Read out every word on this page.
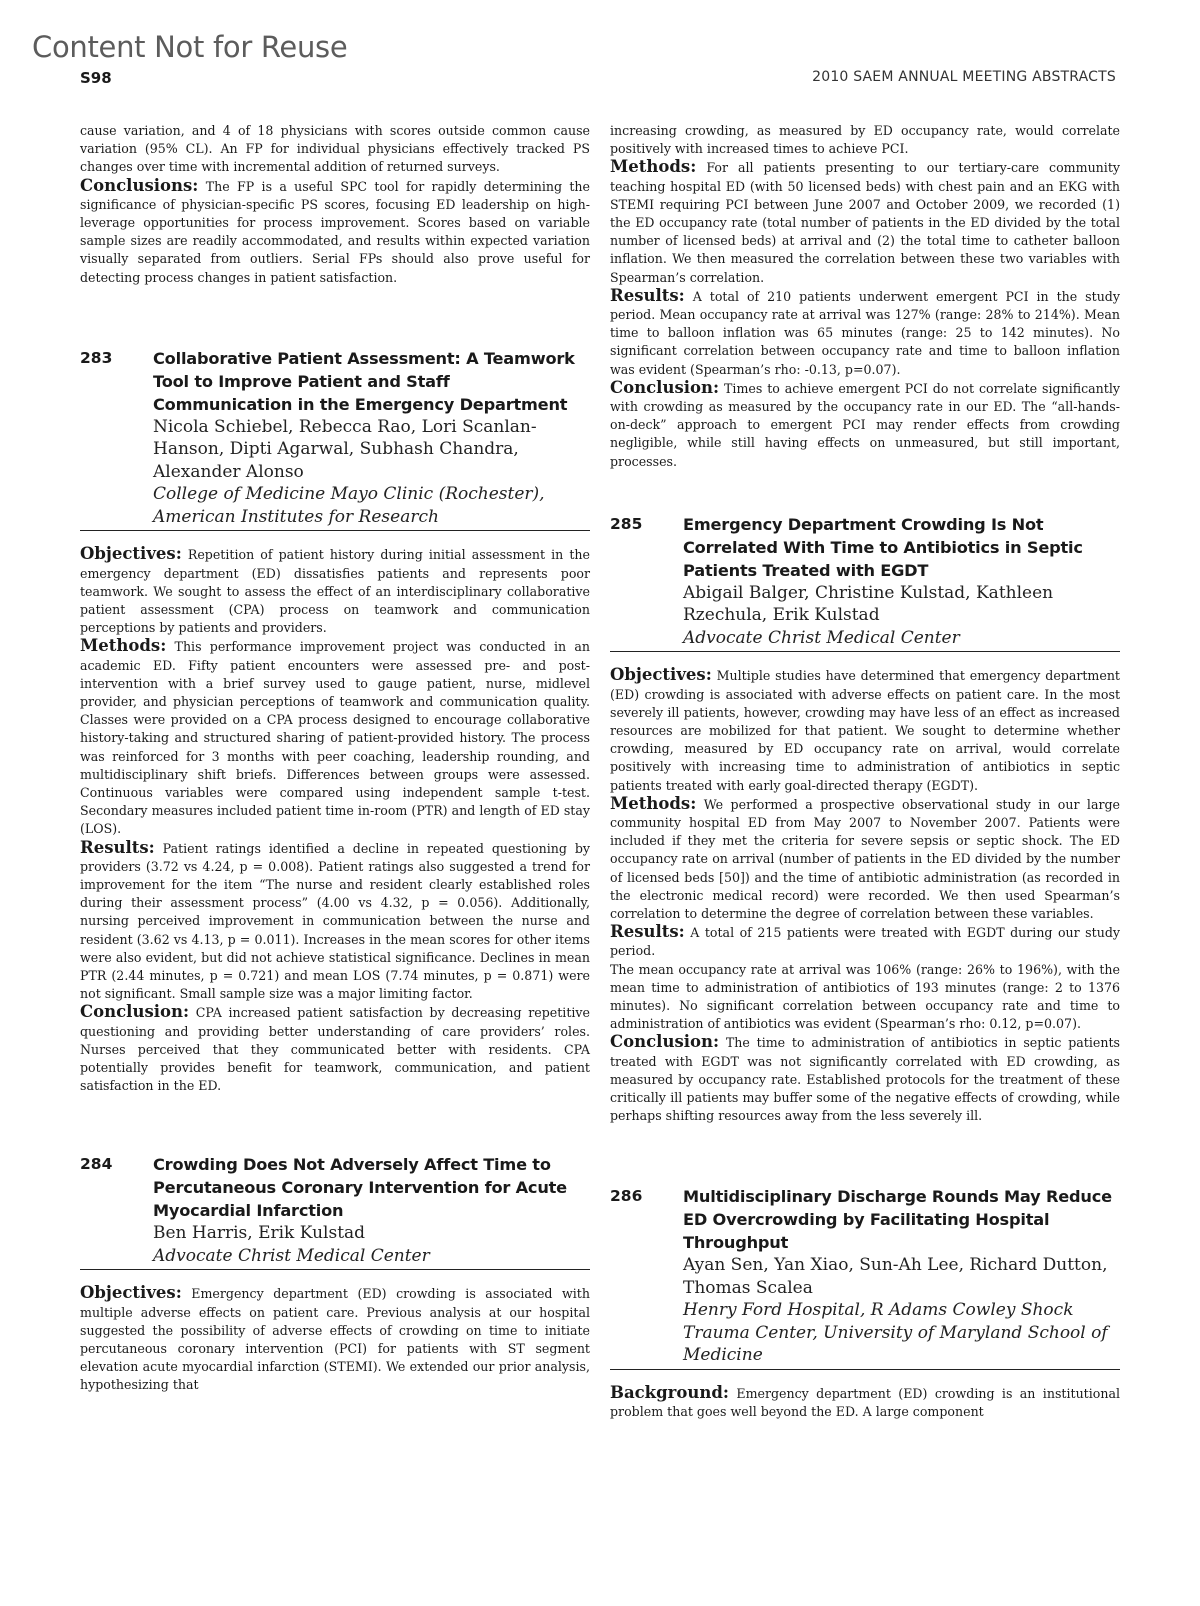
Content Not for Reuse
S98	2010 SAEM ANNUAL MEETING ABSTRACTS

cause variation, and 4 of 18 physicians with scores outside common cause variation (95% CL). An FP for individual physicians effectively tracked PS changes over time with incremental addition of returned surveys.

Conclusions: The FP is a useful SPC tool for rapidly determining the significance of physician-specific PS scores, focusing ED leadership on high-leverage opportunities for process improvement. Scores based on variable sample sizes are readily accommodated, and results within expected variation visually separated from outliers. Serial FPs should also prove useful for detecting process changes in patient satisfaction.

283	Collaborative Patient Assessment: A Teamwork Tool to Improve Patient and Staff Communication in the Emergency Department
Nicola Schiebel, Rebecca Rao, Lori Scanlan-Hanson, Dipti Agarwal, Subhash Chandra, Alexander Alonso
College of Medicine Mayo Clinic (Rochester), American Institutes for Research

Objectives: Repetition of patient history during initial assessment in the emergency department (ED) dissatisfies patients and represents poor teamwork. We sought to assess the effect of an interdisciplinary collaborative patient assessment (CPA) process on teamwork and communication perceptions by patients and providers.

Methods: This performance improvement project was conducted in an academic ED. Fifty patient encounters were assessed pre- and post-intervention with a brief survey used to gauge patient, nurse, midlevel provider, and physician perceptions of teamwork and communication quality. Classes were provided on a CPA process designed to encourage collaborative history-taking and structured sharing of patient-provided history. The process was reinforced for 3 months with peer coaching, leadership rounding, and multidisciplinary shift briefs. Differences between groups were assessed. Continuous variables were compared using independent sample t-test. Secondary measures included patient time in-room (PTR) and length of ED stay (LOS).

Results: Patient ratings identified a decline in repeated questioning by providers (3.72 vs 4.24, p = 0.008). Patient ratings also suggested a trend for improvement for the item “The nurse and resident clearly established roles during their assessment process” (4.00 vs 4.32, p = 0.056). Additionally, nursing perceived improvement in communication between the nurse and resident (3.62 vs 4.13, p = 0.011). Increases in the mean scores for other items were also evident, but did not achieve statistical significance. Declines in mean PTR (2.44 minutes, p = 0.721) and mean LOS (7.74 minutes, p = 0.871) were not significant. Small sample size was a major limiting factor.

Conclusion: CPA increased patient satisfaction by decreasing repetitive questioning and providing better understanding of care providers’ roles. Nurses perceived that they communicated better with residents. CPA potentially provides benefit for teamwork, communication, and patient satisfaction in the ED.

284	Crowding Does Not Adversely Affect Time to Percutaneous Coronary Intervention for Acute Myocardial Infarction
Ben Harris, Erik Kulstad
Advocate Christ Medical Center

Objectives: Emergency department (ED) crowding is associated with multiple adverse effects on patient care. Previous analysis at our hospital suggested the possibility of adverse effects of crowding on time to initiate percutaneous coronary intervention (PCI) for patients with ST segment elevation acute myocardial infarction (STEMI). We extended our prior analysis, hypothesizing that

increasing crowding, as measured by ED occupancy rate, would correlate positively with increased times to achieve PCI.

Methods: For all patients presenting to our tertiary-care community teaching hospital ED (with 50 licensed beds) with chest pain and an EKG with STEMI requiring PCI between June 2007 and October 2009, we recorded (1) the ED occupancy rate (total number of patients in the ED divided by the total number of licensed beds) at arrival and (2) the total time to catheter balloon inflation. We then measured the correlation between these two variables with Spearman’s correlation.

Results: A total of 210 patients underwent emergent PCI in the study period. Mean occupancy rate at arrival was 127% (range: 28% to 214%). Mean time to balloon inflation was 65 minutes (range: 25 to 142 minutes). No significant correlation between occupancy rate and time to balloon inflation was evident (Spearman’s rho: -0.13, p=0.07).

Conclusion: Times to achieve emergent PCI do not correlate significantly with crowding as measured by the occupancy rate in our ED. The “all-hands-on-deck” approach to emergent PCI may render effects from crowding negligible, while still having effects on unmeasured, but still important, processes.

285	Emergency Department Crowding Is Not Correlated With Time to Antibiotics in Septic Patients Treated with EGDT
Abigail Balger, Christine Kulstad, Kathleen Rzechula, Erik Kulstad
Advocate Christ Medical Center

Objectives: Multiple studies have determined that emergency department (ED) crowding is associated with adverse effects on patient care. In the most severely ill patients, however, crowding may have less of an effect as increased resources are mobilized for that patient. We sought to determine whether crowding, measured by ED occupancy rate on arrival, would correlate positively with increasing time to administration of antibiotics in septic patients treated with early goal-directed therapy (EGDT).

Methods: We performed a prospective observational study in our large community hospital ED from May 2007 to November 2007. Patients were included if they met the criteria for severe sepsis or septic shock. The ED occupancy rate on arrival (number of patients in the ED divided by the number of licensed beds [50]) and the time of antibiotic administration (as recorded in the electronic medical record) were recorded. We then used Spearman’s correlation to determine the degree of correlation between these variables.

Results: A total of 215 patients were treated with EGDT during our study period.

The mean occupancy rate at arrival was 106% (range: 26% to 196%), with the mean time to administration of antibiotics of 193 minutes (range: 2 to 1376 minutes). No significant correlation between occupancy rate and time to administration of antibiotics was evident (Spearman’s rho: 0.12, p=0.07).

Conclusion: The time to administration of antibiotics in septic patients treated with EGDT was not significantly correlated with ED crowding, as measured by occupancy rate. Established protocols for the treatment of these critically ill patients may buffer some of the negative effects of crowding, while perhaps shifting resources away from the less severely ill.

286	Multidisciplinary Discharge Rounds May Reduce ED Overcrowding by Facilitating Hospital Throughput
Ayan Sen, Yan Xiao, Sun-Ah Lee, Richard Dutton, Thomas Scalea
Henry Ford Hospital, R Adams Cowley Shock Trauma Center, University of Maryland School of Medicine

Background: Emergency department (ED) crowding is an institutional problem that goes well beyond the ED. A large component
